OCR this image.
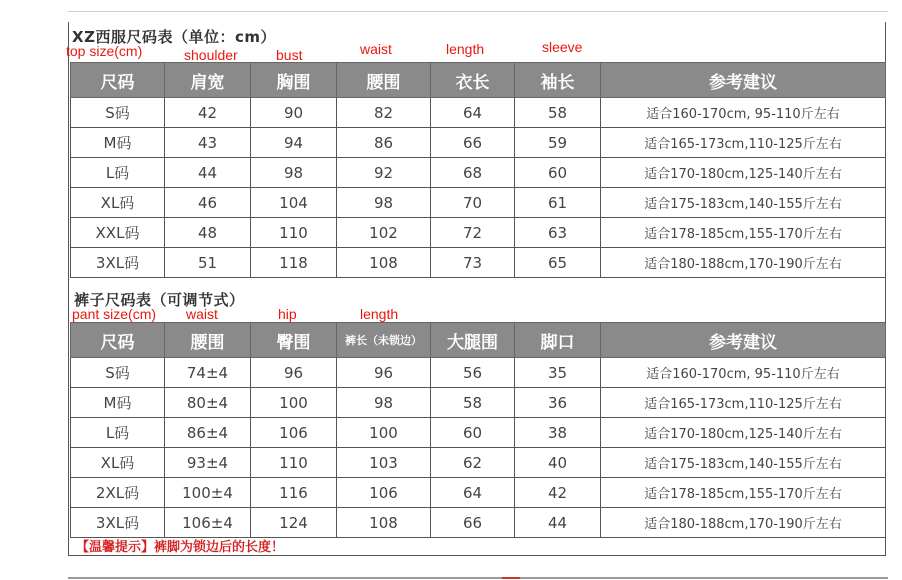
XZ西服尺码表（单位：cm）
top size(cm)	shoulder	bust	waist	length	sleeve
尺码	肩宽	胸围	腰围	衣长	袖长	参考建议
S码	42	90	82	64	58	适合160-170cm, 95-110斤左右
M码	43	94	86	66	59	适合165-173cm,110-125斤左右
L码	44	98	92	68	60	适合170-180cm,125-140斤左右
XL码	46	104	98	70	61	适合175-183cm,140-155斤左右
XXL码	48	110	102	72	63	适合178-185cm,155-170斤左右
3XL码	51	118	108	73	65	适合180-188cm,170-190斤左右
裤子尺码表（可调节式）
pant size(cm) waist	hip	length
尺码	腰围	臀围	裤长（未锁边）	大腿围	脚口	参考建议
S码	74±4	96	96	56	35	适合160-170cm, 95-110斤左右
M码	80±4	100	98	58	36	适合165-173cm,110-125斤左右
L码	86±4	106	100	60	38	适合170-180cm,125-140斤左右
XL码	93±4	110	103	62	40	适合175-183cm,140-155斤左右
2XL码	100±4	116	106	64	42	适合178-185cm,155-170斤左右
3XL码	106±4	124	108	66	44	适合180-188cm,170-190斤左右
【温馨提示】裤脚为锁边后的长度！
